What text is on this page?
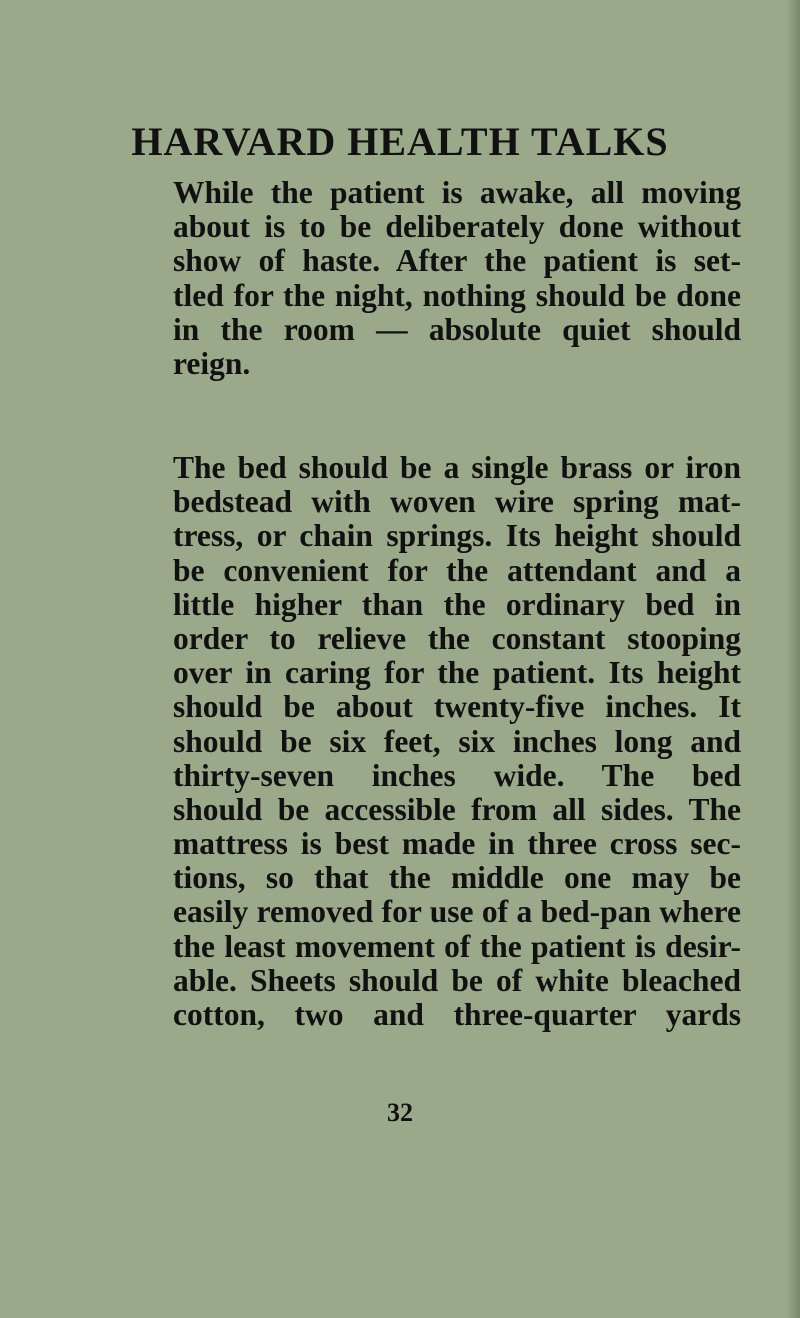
HARVARD HEALTH TALKS
While the patient is awake, all moving
about is to be deliberately done without
show of haste. After the patient is set-
tled for the night, nothing should be done
in the room — absolute quiet should
reign.
The bed should be a single brass or iron
bedstead with woven wire spring mat-
tress, or chain springs. Its height should
be convenient for the attendant and a
little higher than the ordinary bed in
order to relieve the constant stooping
over in caring for the patient. Its height
should be about twenty-five inches. It
should be six feet, six inches long and
thirty-seven inches wide. The bed
should be accessible from all sides. The
mattress is best made in three cross sec-
tions, so that the middle one may be
easily removed for use of a bed-pan where
the least movement of the patient is desir-
able. Sheets should be of white bleached
cotton, two and three-quarter yards
32
